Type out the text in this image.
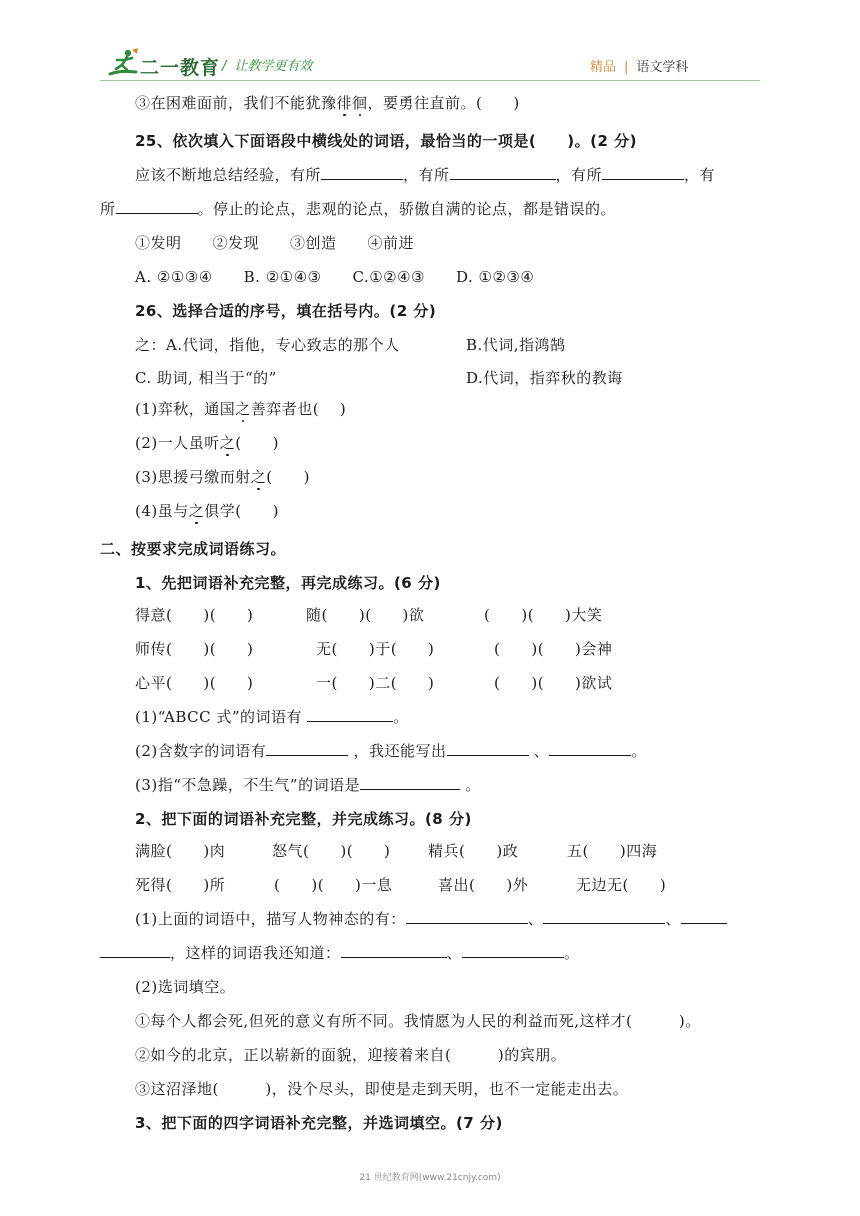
二一教育 / 让教学更有效	精品 | 语文学科
③在困难面前，我们不能犹豫徘徊，要勇往直前。(　　)
25、依次填入下面语段中横线处的词语，最恰当的一项是(　　)。(2 分)
应该不断地总结经验，有所	，有所	，有所	，有
所	。停止的论点，悲观的论点，骄傲自满的论点，都是错误的。
①发明　　②发现　　③创造　　④前进
A. ②①③④　　B. ②①④③　　C.①②④③　　D. ①②③④
26、选择合适的序号，填在括号内。(2 分)
之：A.代词，指他，专心致志的那个人	B.代词,指鸿鹄
C. 助词, 相当于“的”	D.代词，指弈秋的教诲
(1)弈秋，通国之善弈者也(　 )
(2)一人虽听之(　　)
(3)思援弓缴而射之(　　)
(4)虽与之俱学(　　)
二、按要求完成词语练习。
1、先把词语补充完整，再完成练习。(6 分)
得意(　　)(　　)	随(　　)(　　)欲	(　　)(　　)大笑
师传(　　)(　　)	无(　　)于(　　)	(　　)(　　)会神
心平(　　)(　　)	一(　　)二(　　)	(　　)(　　)欲试
(1)“ABCC 式”的词语有	。
(2)含数字的词语有	，我还能写出	、	。
(3)指“不急躁，不生气”的词语是	。
2、把下面的词语补充完整，并完成练习。(8 分)
满脸(　　)肉	怒气(　　)(　　)	精兵(　　)政	五(　　)四海
死得(　　)所	(　　)(　　)一息	喜出(　　)外	无边无(　　)
(1)上面的词语中，描写人物神态的有：	、	、
，这样的词语我还知道：	、	。
(2)选词填空。
①每个人都会死,但死的意义有所不同。我情愿为人民的利益而死,这样才(　　　)。
②如今的北京，正以崭新的面貌，迎接着来自(　　　)的宾朋。
③这沼泽地(　　　)，没个尽头，即使是走到天明，也不一定能走出去。
3、把下面的四字词语补充完整，并选词填空。(7 分)
21 世纪教育网(www.21cnjy.com)
